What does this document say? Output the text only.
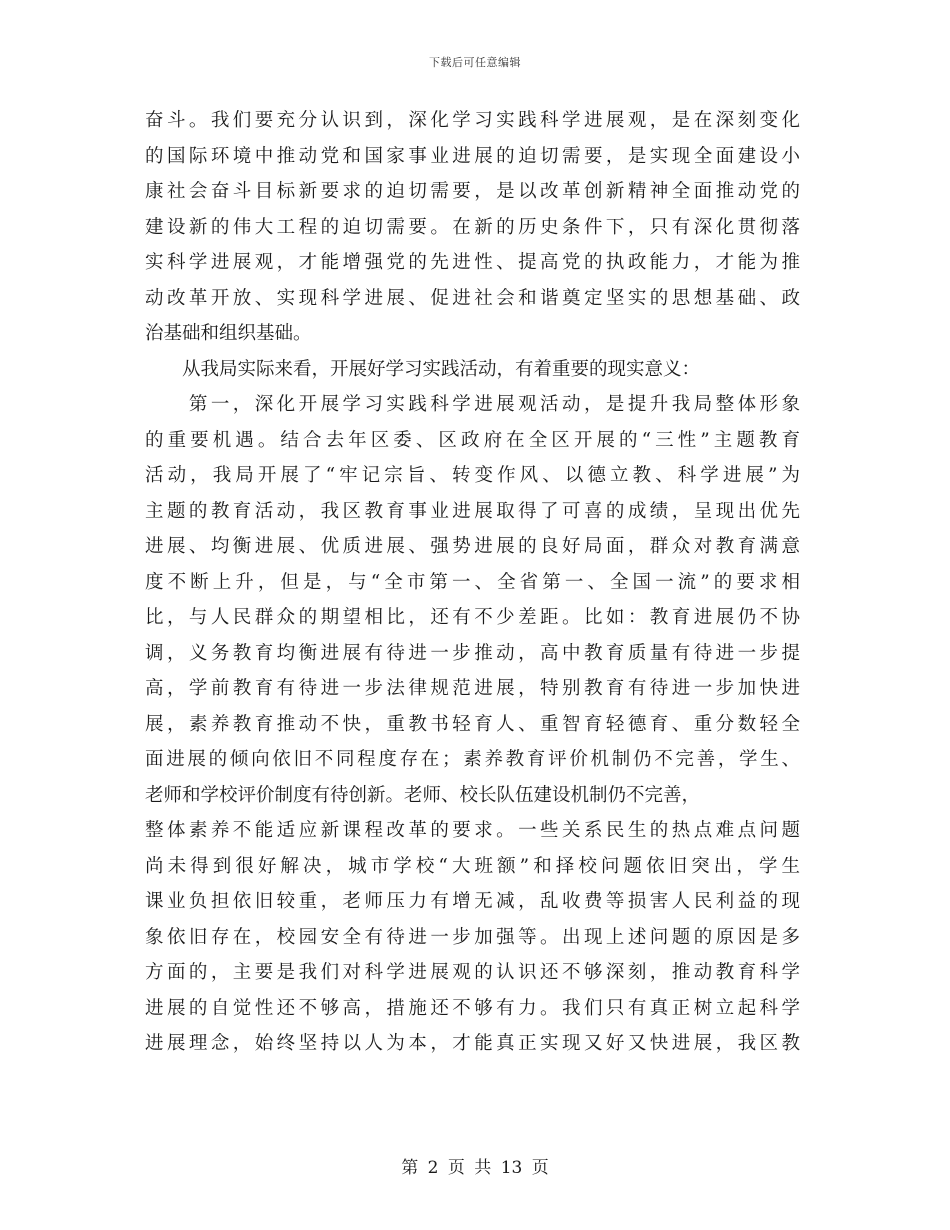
下载后可任意编辑
奋斗。我们要充分认识到，深化学习实践科学进展观，是在深刻变化
的国际环境中推动党和国家事业进展的迫切需要，是实现全面建设小
康社会奋斗目标新要求的迫切需要，是以改革创新精神全面推动党的
建设新的伟大工程的迫切需要。在新的历史条件下，只有深化贯彻落
实科学进展观，才能增强党的先进性、提高党的执政能力，才能为推
动改革开放、实现科学进展、促进社会和谐奠定坚实的思想基础、政
治基础和组织基础。
　　从我局实际来看，开展好学习实践活动，有着重要的现实意义：
　　第一，深化开展学习实践科学进展观活动，是提升我局整体形象
的重要机遇。结合去年区委、区政府在全区开展的“三性”主题教育
活动，我局开展了“牢记宗旨、转变作风、以德立教、科学进展”为
主题的教育活动，我区教育事业进展取得了可喜的成绩，呈现出优先
进展、均衡进展、优质进展、强势进展的良好局面，群众对教育满意
度不断上升，但是，与“全市第一、全省第一、全国一流”的要求相
比，与人民群众的期望相比，还有不少差距。比如：教育进展仍不协
调，义务教育均衡进展有待进一步推动，高中教育质量有待进一步提
高，学前教育有待进一步法律规范进展，特别教育有待进一步加快进
展，素养教育推动不快，重教书轻育人、重智育轻德育、重分数轻全
面进展的倾向依旧不同程度存在；素养教育评价机制仍不完善，学生、
老师和学校评价制度有待创新。老师、校长队伍建设机制仍不完善，
整体素养不能适应新课程改革的要求。一些关系民生的热点难点问题
尚未得到很好解决，城市学校“大班额”和择校问题依旧突出，学生
课业负担依旧较重，老师压力有增无减，乱收费等损害人民利益的现
象依旧存在，校园安全有待进一步加强等。出现上述问题的原因是多
方面的，主要是我们对科学进展观的认识还不够深刻，推动教育科学
进展的自觉性还不够高，措施还不够有力。我们只有真正树立起科学
进展理念，始终坚持以人为本，才能真正实现又好又快进展，我区教
第 2 页 共 13 页
